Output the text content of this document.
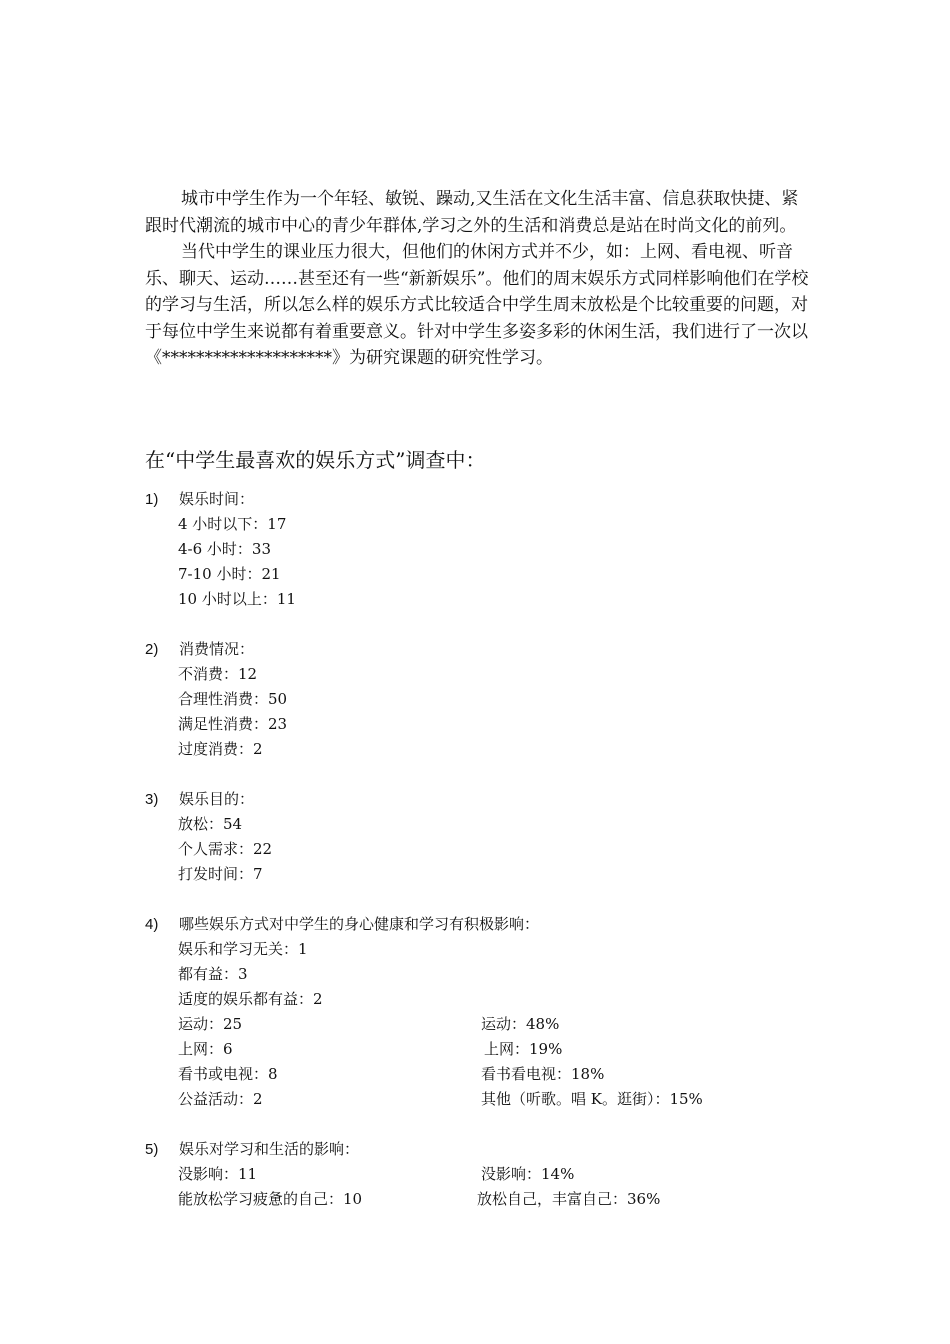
城市中学生作为一个年轻、敏锐、躁动,又生活在文化生活丰富、信息获取快捷、紧跟时代潮流的城市中心的青少年群体,学习之外的生活和消费总是站在时尚文化的前列。

当代中学生的课业压力很大，但他们的休闲方式并不少，如：上网、看电视、听音乐、聊天、运动……甚至还有一些“新新娱乐”。他们的周末娱乐方式同样影响他们在学校的学习与生活，所以怎么样的娱乐方式比较适合中学生周末放松是个比较重要的问题，对于每位中学生来说都有着重要意义。针对中学生多姿多彩的休闲生活，我们进行了一次以《********************》为研究课题的研究性学习。

在“中学生最喜欢的娱乐方式”调查中：
1) 娱乐时间：
4 小时以下：17
4-6 小时：33
7-10 小时：21
10 小时以上：11
2) 消费情况：
不消费：12
合理性消费：50
满足性消费：23
过度消费：2
3) 娱乐目的：
放松：54
个人需求：22
打发时间：7
4) 哪些娱乐方式对中学生的身心健康和学习有积极影响：
娱乐和学习无关：1
都有益：3
适度的娱乐都有益：2
运动：25	运动：48%
上网：6	上网：19%
看书或电视：8	看书看电视：18%
公益活动：2	其他（听歌。唱 K。逛街）：15%
5) 娱乐对学习和生活的影响：
没影响：11	没影响：14%
能放松学习疲惫的自己：10	放松自己，丰富自己：36%
